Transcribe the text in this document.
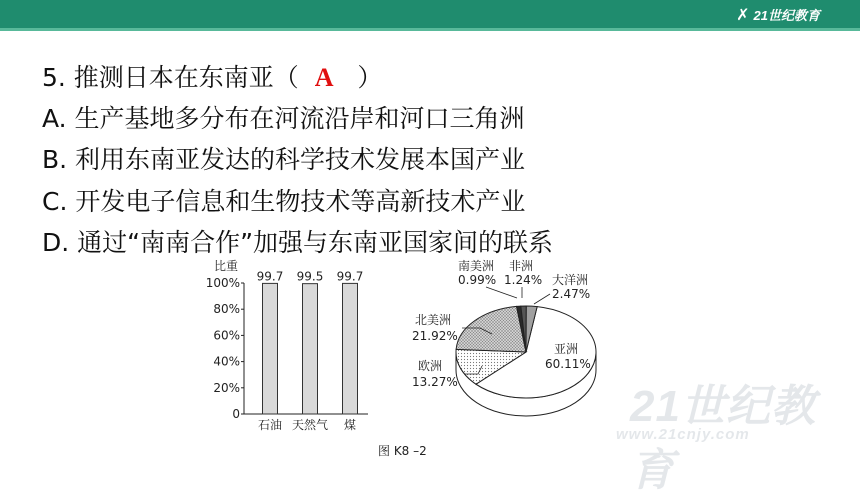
✗ 21世纪教育
5. 推测日本在东南亚（ A ）
A. 生产基地多分布在河流沿岸和河口三角洲
B. 利用东南亚发达的科学技术发展本国产业
C. 开发电子信息和生物技术等高新技术产业
D. 通过“南南合作”加强与东南亚国家间的联系
比重
0
20%
40%
60%
80%
100% 99.7
石油
99.5
天然气
99.7
煤
南美洲
0.99%
非洲
1.24% 大洋洲
2.47%
北美洲
21.92%
欧洲
13.27%
亚洲
60.11%
图 K8 –2
21世纪教育
www.21cnjy.com
